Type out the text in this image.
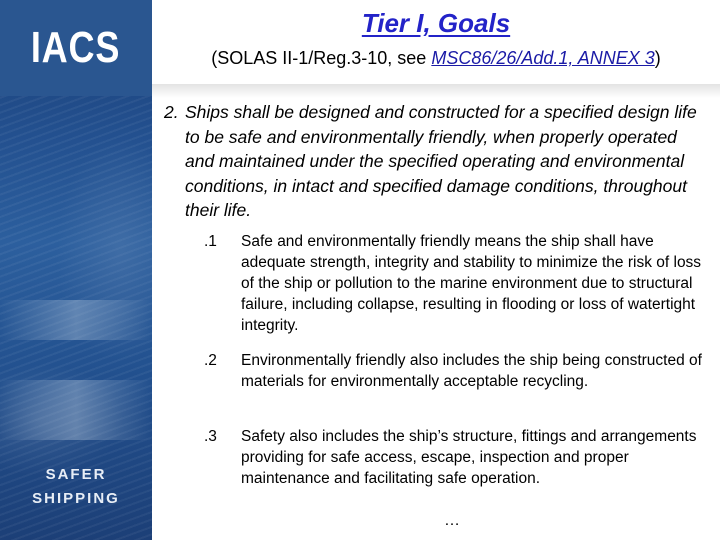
IACS
SAFER
SHIPPING
Tier I, Goals
(SOLAS II-1/Reg.3-10, see MSC86/26/Add.1, ANNEX 3)
2. Ships shall be designed and constructed for a specified design life to be safe and environmentally friendly, when properly operated and maintained under the specified operating and environmental conditions, in intact and specified damage conditions, throughout their life.
.1 Safe and environmentally friendly means the ship shall have adequate strength, integrity and stability to minimize the risk of loss of the ship or pollution to the marine environment due to structural failure, including collapse, resulting in flooding or loss of watertight integrity.
.2 Environmentally friendly also includes the ship being constructed of materials for environmentally acceptable recycling.
.3 Safety also includes the ship’s structure, fittings and arrangements providing for safe access, escape, inspection and proper maintenance and facilitating safe operation.
…
